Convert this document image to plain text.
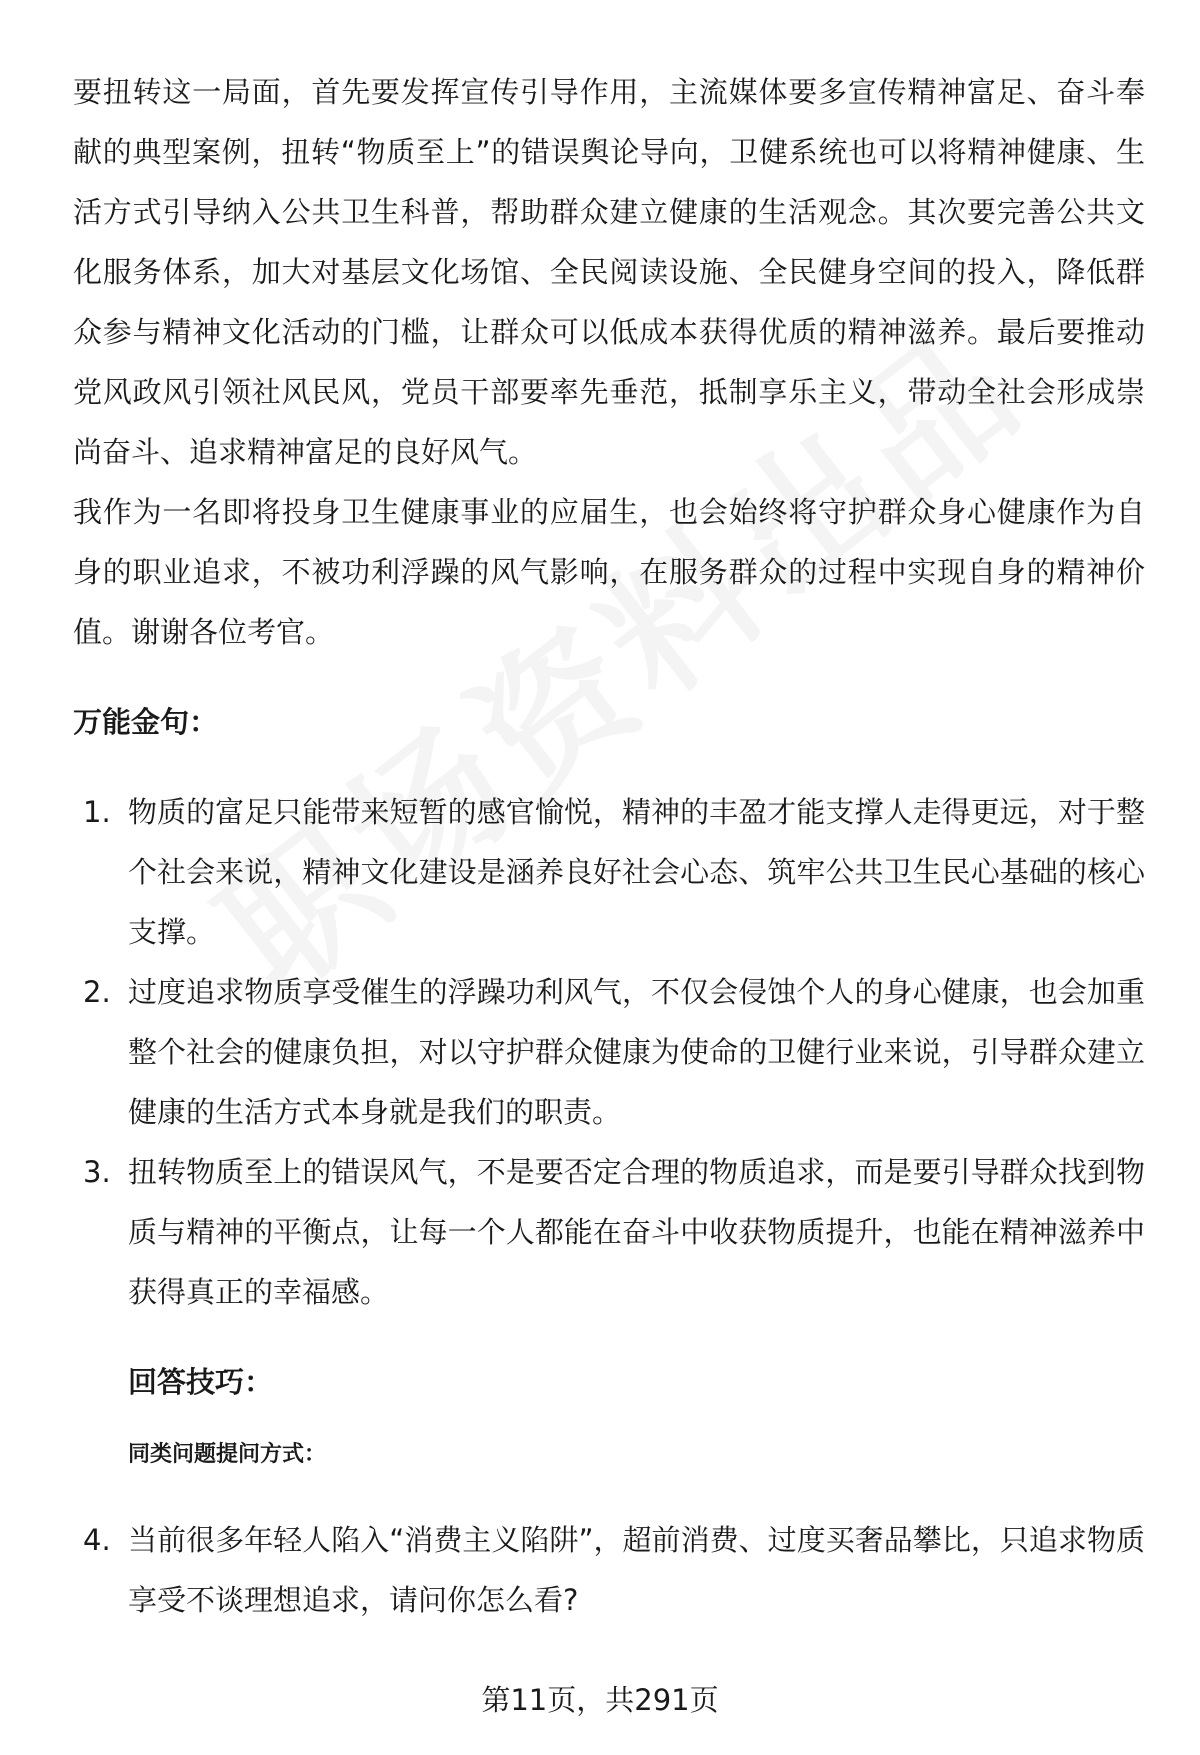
要扭转这一局面，首先要发挥宣传引导作用，主流媒体要多宣传精神富足、奋斗奉献的典型案例，扭转“物质至上”的错误舆论导向，卫健系统也可以将精神健康、生活方式引导纳入公共卫生科普，帮助群众建立健康的生活观念。其次要完善公共文化服务体系，加大对基层文化场馆、全民阅读设施、全民健身空间的投入，降低群众参与精神文化活动的门槛，让群众可以低成本获得优质的精神滋养。最后要推动党风政风引领社风民风，党员干部要率先垂范，抵制享乐主义，带动全社会形成崇尚奋斗、追求精神富足的良好风气。

我作为一名即将投身卫生健康事业的应届生，也会始终将守护群众身心健康作为自身的职业追求，不被功利浮躁的风气影响，在服务群众的过程中实现自身的精神价值。谢谢各位考官。

万能金句：

1. 物质的富足只能带来短暂的感官愉悦，精神的丰盈才能支撑人走得更远，对于整个社会来说，精神文化建设是涵养良好社会心态、筑牢公共卫生民心基础的核心支撑。
2. 过度追求物质享受催生的浮躁功利风气，不仅会侵蚀个人的身心健康，也会加重整个社会的健康负担，对以守护群众健康为使命的卫健行业来说，引导群众建立健康的生活方式本身就是我们的职责。
3. 扭转物质至上的错误风气，不是要否定合理的物质追求，而是要引导群众找到物质与精神的平衡点，让每一个人都能在奋斗中收获物质提升，也能在精神滋养中获得真正的幸福感。

回答技巧：

同类问题提问方式：

4. 当前很多年轻人陷入“消费主义陷阱”，超前消费、过度买奢品攀比，只追求物质享受不谈理想追求，请问你怎么看?
第11页，共291页
